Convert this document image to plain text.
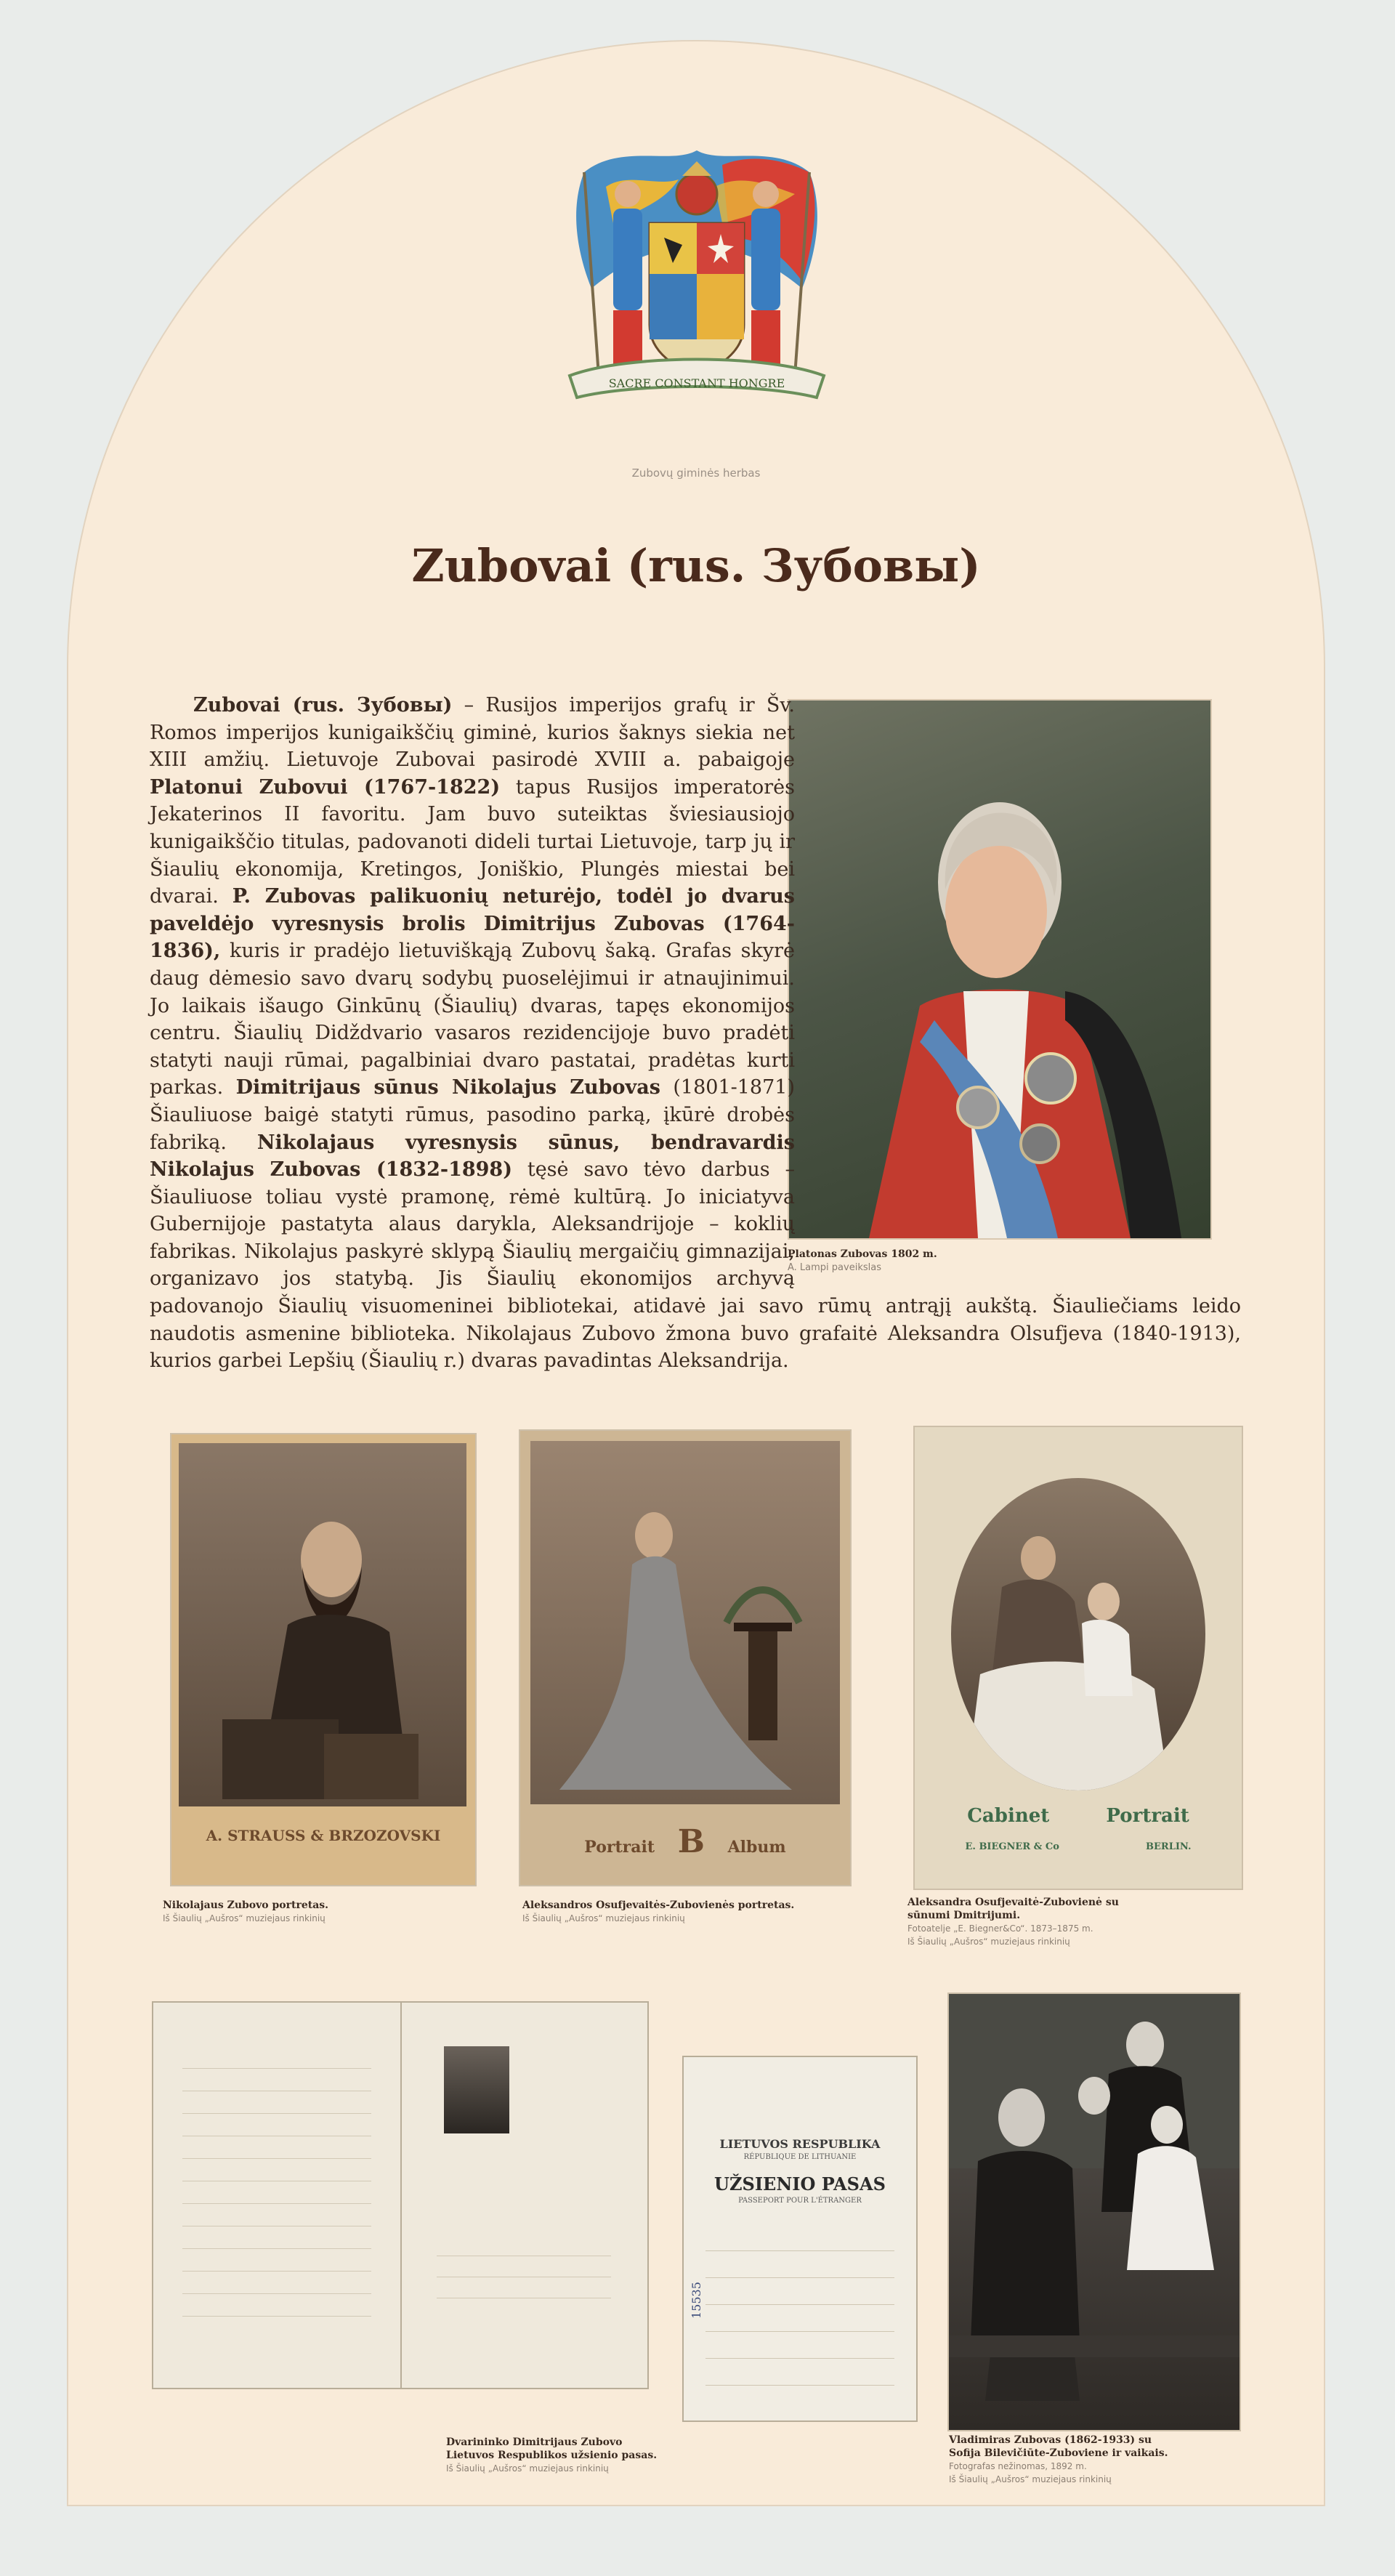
SACRE CONSTANT HONGRE
Zubovų giminės herbas
Zubovai (rus. Зубовы)
Platonas Zubovas 1802 m.
A. Lampi paveikslas

Zubovai (rus. Зубовы) – Rusijos imperijos grafų ir Šv. Romos imperijos kunigaikščių giminė, kurios šaknys siekia net XIII amžių. Lietuvoje Zubovai pasirodė XVIII a. pabaigoje Platonui Zubovui (1767-1822) tapus Rusijos imperatorės Jekaterinos II favoritu. Jam buvo suteiktas šviesiausiojo kunigaikščio titulas, padovanoti dideli turtai Lietuvoje, tarp jų ir Šiaulių ekonomija, Kretingos, Joniškio, Plungės miestai bei dvarai. P. Zubovas palikuonių neturėjo, todėl jo dvarus paveldėjo vyresnysis brolis Dimitrijus Zubovas (1764-1836), kuris ir pradėjo lietuviškąją Zubovų šaką. Grafas skyrė daug dėmesio savo dvarų sodybų puoselėjimui ir atnaujinimui. Jo laikais išaugo Ginkūnų (Šiaulių) dvaras, tapęs ekonomijos centru. Šiaulių Didždvario vasaros rezidencijoje buvo pradėti statyti nauji rūmai, pagalbiniai dvaro pastatai, pradėtas kurti parkas. Dimitrijaus sūnus Nikolajus Zubovas (1801-1871) Šiauliuose baigė statyti rūmus, pasodino parką, įkūrė drobės fabriką. Nikolajaus vyresnysis sūnus, bendravardis Nikolajus Zubovas (1832-1898) tęsė savo tėvo darbus – Šiauliuose toliau vystė pramonę, rėmė kultūrą. Jo iniciatyva Gubernijoje pastatyta alaus darykla, Aleksandrijoje – koklių fabrikas. Nikolajus paskyrė sklypą Šiaulių mergaičių gimnazijai, organizavo jos statybą. Jis Šiaulių ekonomijos archyvą padovanojo Šiaulių visuomeninei bibliotekai, atidavė jai savo rūmų antrąjį aukštą. Šiauliečiams leido naudotis asmenine biblioteka. Nikolajaus Zubovo žmona buvo grafaitė Aleksandra Olsufjeva (1840-1913), kurios garbei Lepšių (Šiaulių r.) dvaras pavadintas Aleksandrija.

A. STRAUSS & BRZOZOVSKI
Nikolajaus Zubovo portretas.
Iš Šiaulių „Aušros“ muziejaus rinkinių
Portrait B Album
Aleksandros Osufjevaitės-Zubovienės portretas.
Iš Šiaulių „Aušros“ muziejaus rinkinių
Cabinet	Portrait
E. BIEGNER & Co	BERLIN.
Aleksandra Osufjevaitė-Zubovienė su
sūnumi Dmitrijumi.
Fotoatelje „E. Biegner&Co“. 1873–1875 m.
Iš Šiaulių „Aušros“ muziejaus rinkinių
LIETUVOS RESPUBLIKA
RÉPUBLIQUE DE LITHUANIE
UŽSIENIO PASAS
PASSEPORT POUR L'ÉTRANGER
15535
Dvarininko Dimitrijaus Zubovo
Lietuvos Respublikos užsienio pasas.
Iš Šiaulių „Aušros“ muziejaus rinkinių
Vladimiras Zubovas (1862-1933) su
Sofija Bilevičiūte-Zuboviene ir vaikais.
Fotografas nežinomas, 1892 m.
Iš Šiaulių „Aušros“ muziejaus rinkinių
